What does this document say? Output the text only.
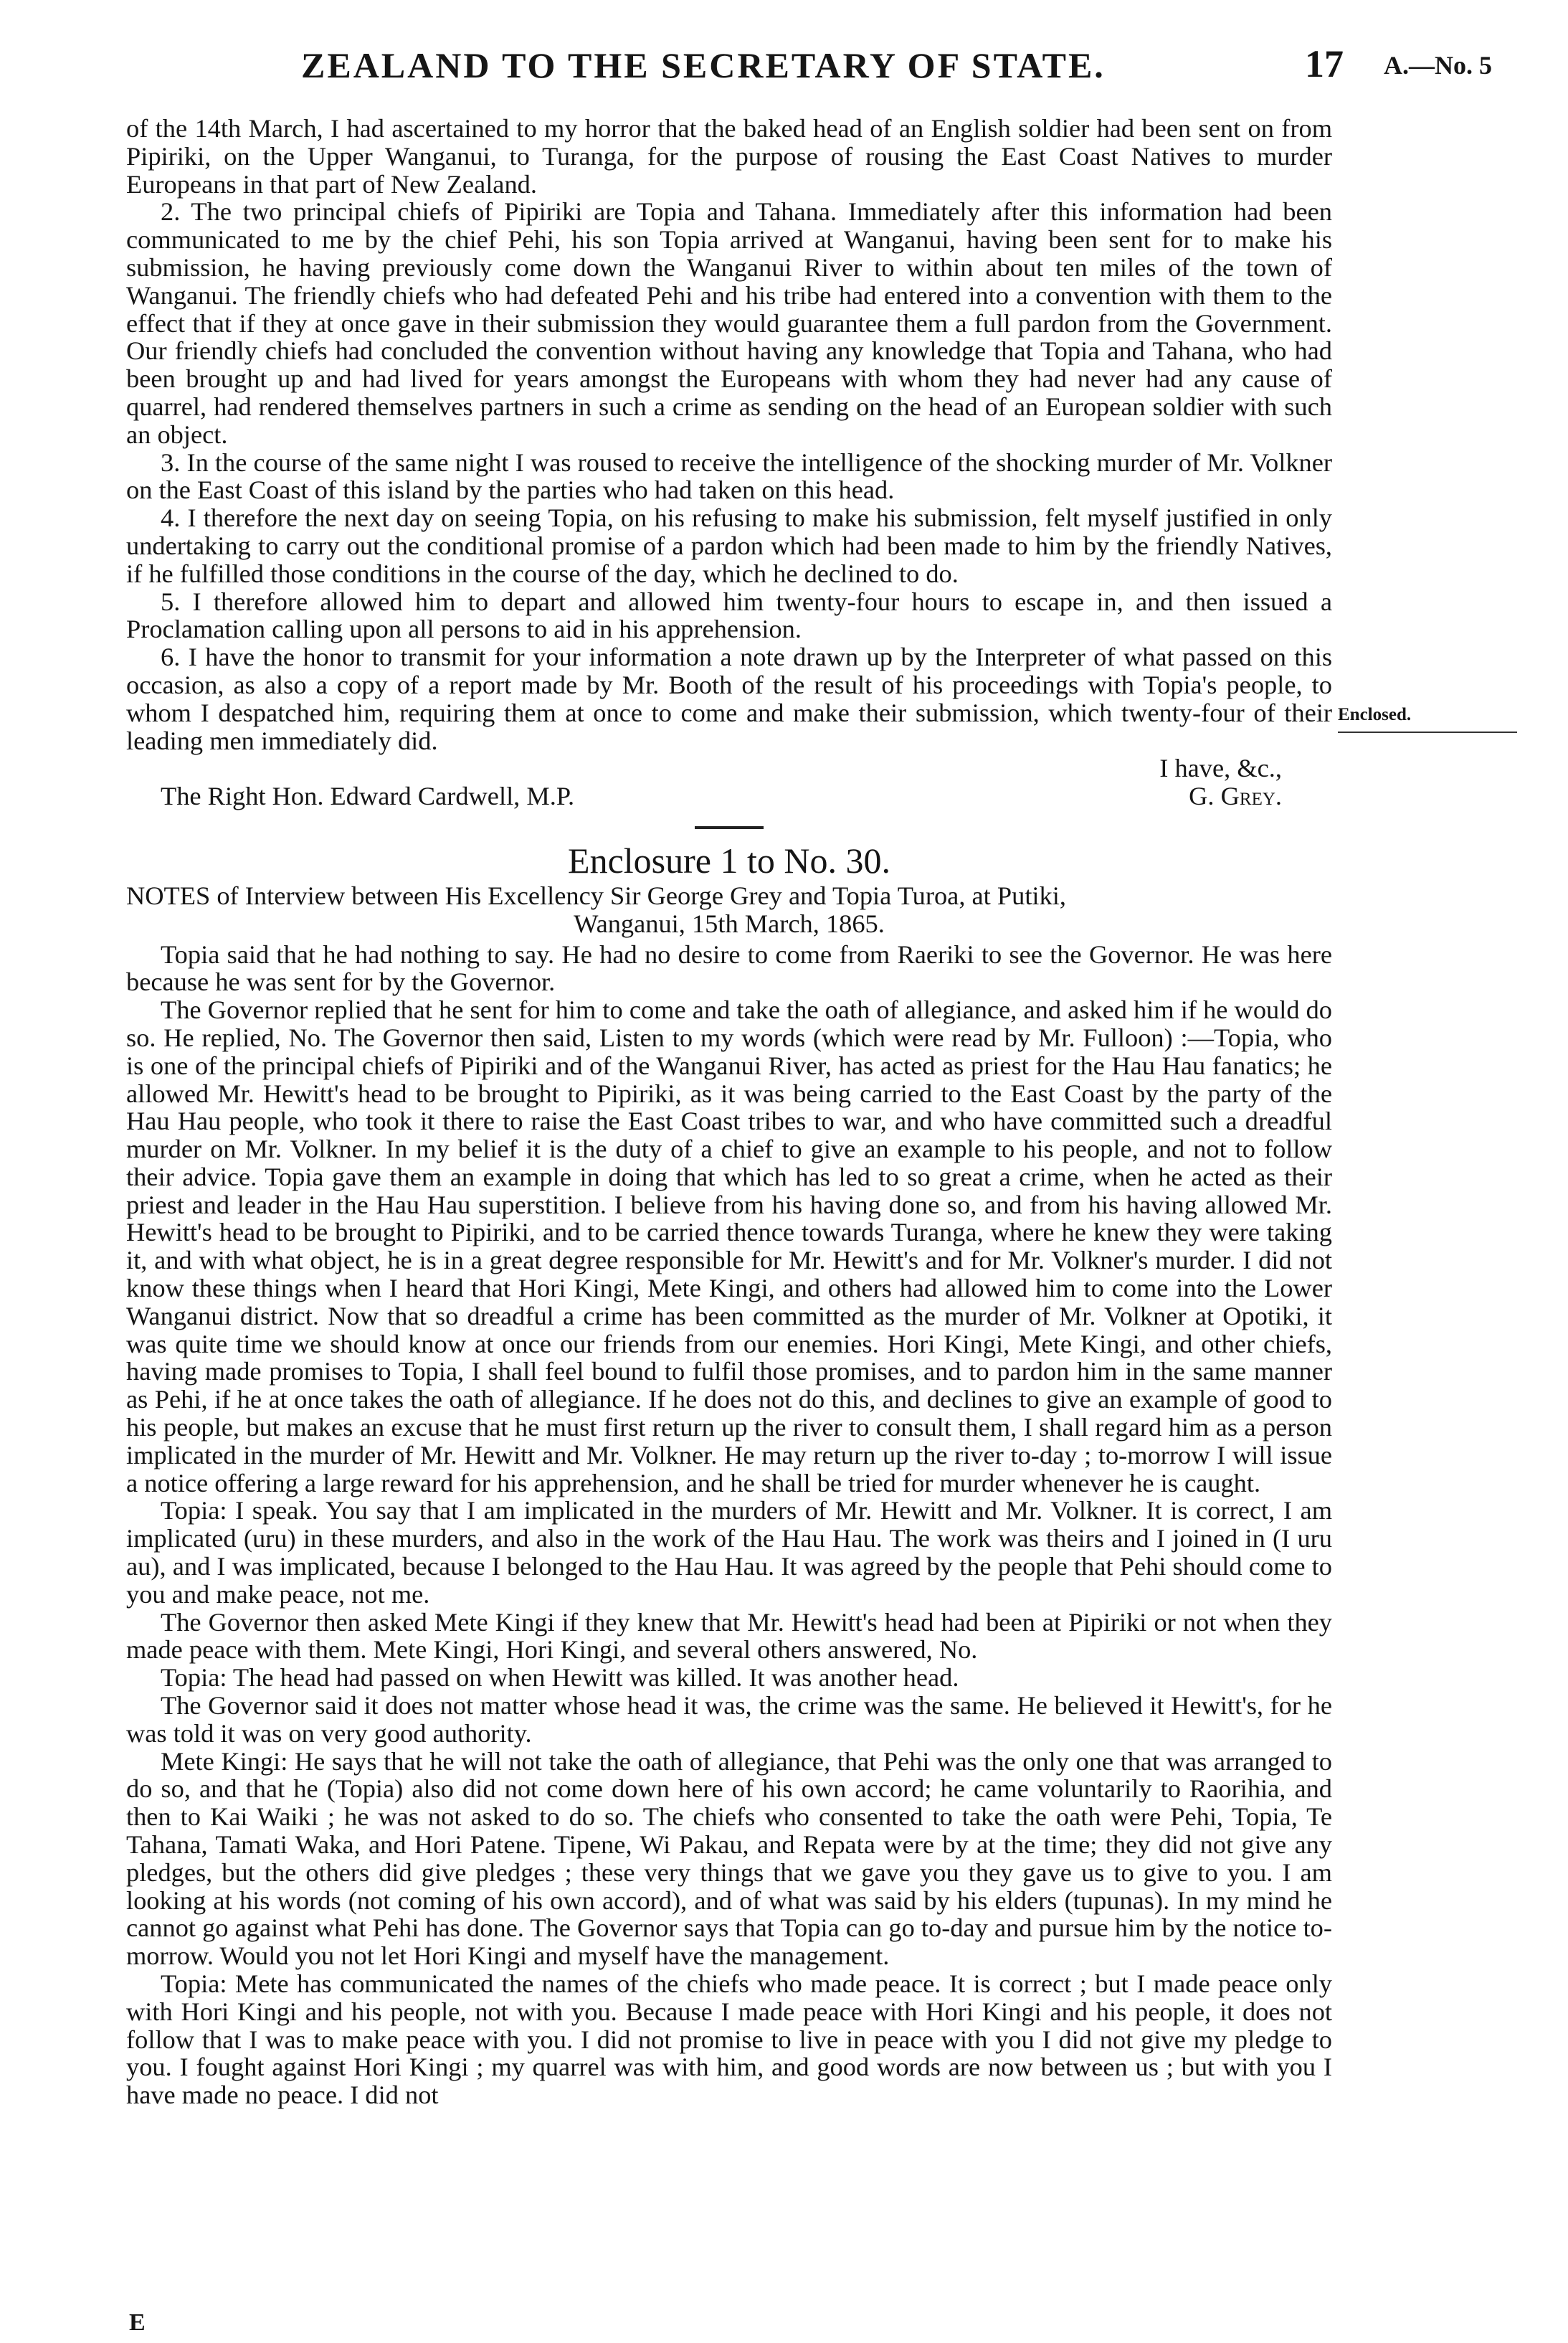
ZEALAND TO THE SECRETARY OF STATE.	17 A.—No. 5

of the 14th March, I had ascertained to my horror that the baked head of an English soldier had been sent on from Pipiriki, on the Upper Wanganui, to Turanga, for the purpose of rousing the East Coast Natives to murder Europeans in that part of New Zealand.

2. The two principal chiefs of Pipiriki are Topia and Tahana. Immediately after this information had been communicated to me by the chief Pehi, his son Topia arrived at Wanganui, having been sent for to make his submission, he having previously come down the Wanganui River to within about ten miles of the town of Wanganui. The friendly chiefs who had defeated Pehi and his tribe had entered into a convention with them to the effect that if they at once gave in their submission they would guarantee them a full pardon from the Government. Our friendly chiefs had concluded the convention without having any knowledge that Topia and Tahana, who had been brought up and had lived for years amongst the Europeans with whom they had never had any cause of quarrel, had rendered themselves partners in such a crime as sending on the head of an European soldier with such an object.

3. In the course of the same night I was roused to receive the intelligence of the shocking murder of Mr. Volkner on the East Coast of this island by the parties who had taken on this head.

4. I therefore the next day on seeing Topia, on his refusing to make his submission, felt myself justified in only undertaking to carry out the conditional promise of a pardon which had been made to him by the friendly Natives, if he fulfilled those conditions in the course of the day, which he declined to do.

5. I therefore allowed him to depart and allowed him twenty-four hours to escape in, and then issued a Proclamation calling upon all persons to aid in his apprehension.

6. I have the honor to transmit for your information a note drawn up by the Interpreter of what passed on this occasion, as also a copy of a report made by Mr. Booth of the result of his proceedings with Topia's people, to whom I despatched him, requiring them at once to come and make their submission, which twenty-four of their leading men immediately did.

I have, &c.,
The Right Hon. Edward Cardwell, M.P.	G. Grey.
Enclosure 1 to No. 30.

NOTES of Interview between His Excellency Sir George Grey and Topia Turoa, at Putiki,

Wanganui, 15th March, 1865.

Topia said that he had nothing to say. He had no desire to come from Raeriki to see the Governor. He was here because he was sent for by the Governor.

The Governor replied that he sent for him to come and take the oath of allegiance, and asked him if he would do so. He replied, No. The Governor then said, Listen to my words (which were read by Mr. Fulloon) :—Topia, who is one of the principal chiefs of Pipiriki and of the Wanganui River, has acted as priest for the Hau Hau fanatics; he allowed Mr. Hewitt's head to be brought to Pipiriki, as it was being carried to the East Coast by the party of the Hau Hau people, who took it there to raise the East Coast tribes to war, and who have committed such a dreadful murder on Mr. Volkner. In my belief it is the duty of a chief to give an example to his people, and not to follow their advice. Topia gave them an example in doing that which has led to so great a crime, when he acted as their priest and leader in the Hau Hau superstition. I believe from his having done so, and from his having allowed Mr. Hewitt's head to be brought to Pipiriki, and to be carried thence towards Turanga, where he knew they were taking it, and with what object, he is in a great degree responsible for Mr. Hewitt's and for Mr. Volkner's murder. I did not know these things when I heard that Hori Kingi, Mete Kingi, and others had allowed him to come into the Lower Wanganui district. Now that so dreadful a crime has been committed as the murder of Mr. Volkner at Opotiki, it was quite time we should know at once our friends from our enemies. Hori Kingi, Mete Kingi, and other chiefs, having made promises to Topia, I shall feel bound to fulfil those promises, and to pardon him in the same manner as Pehi, if he at once takes the oath of allegiance. If he does not do this, and declines to give an example of good to his people, but makes an excuse that he must first return up the river to consult them, I shall regard him as a person implicated in the murder of Mr. Hewitt and Mr. Volkner. He may return up the river to-day ; to-morrow I will issue a notice offering a large reward for his apprehension, and he shall be tried for murder whenever he is caught.

Topia: I speak. You say that I am implicated in the murders of Mr. Hewitt and Mr. Volkner. It is correct, I am implicated (uru) in these murders, and also in the work of the Hau Hau. The work was theirs and I joined in (I uru au), and I was implicated, because I belonged to the Hau Hau. It was agreed by the people that Pehi should come to you and make peace, not me.

The Governor then asked Mete Kingi if they knew that Mr. Hewitt's head had been at Pipiriki or not when they made peace with them. Mete Kingi, Hori Kingi, and several others answered, No.

Topia: The head had passed on when Hewitt was killed. It was another head.

The Governor said it does not matter whose head it was, the crime was the same. He believed it Hewitt's, for he was told it was on very good authority.

Mete Kingi: He says that he will not take the oath of allegiance, that Pehi was the only one that was arranged to do so, and that he (Topia) also did not come down here of his own accord; he came voluntarily to Raorihia, and then to Kai Waiki ; he was not asked to do so. The chiefs who consented to take the oath were Pehi, Topia, Te Tahana, Tamati Waka, and Hori Patene. Tipene, Wi Pakau, and Repata were by at the time; they did not give any pledges, but the others did give pledges ; these very things that we gave you they gave us to give to you. I am looking at his words (not coming of his own accord), and of what was said by his elders (tupunas). In my mind he cannot go against what Pehi has done. The Governor says that Topia can go to-day and pursue him by the notice to-morrow. Would you not let Hori Kingi and myself have the management.

Topia: Mete has communicated the names of the chiefs who made peace. It is correct ; but I made peace only with Hori Kingi and his people, not with you. Because I made peace with Hori Kingi and his people, it does not follow that I was to make peace with you. I did not promise to live in peace with you I did not give my pledge to you. I fought against Hori Kingi ; my quarrel was with him, and good words are now between us ; but with you I have made no peace. I did not

Enclosed.
E
